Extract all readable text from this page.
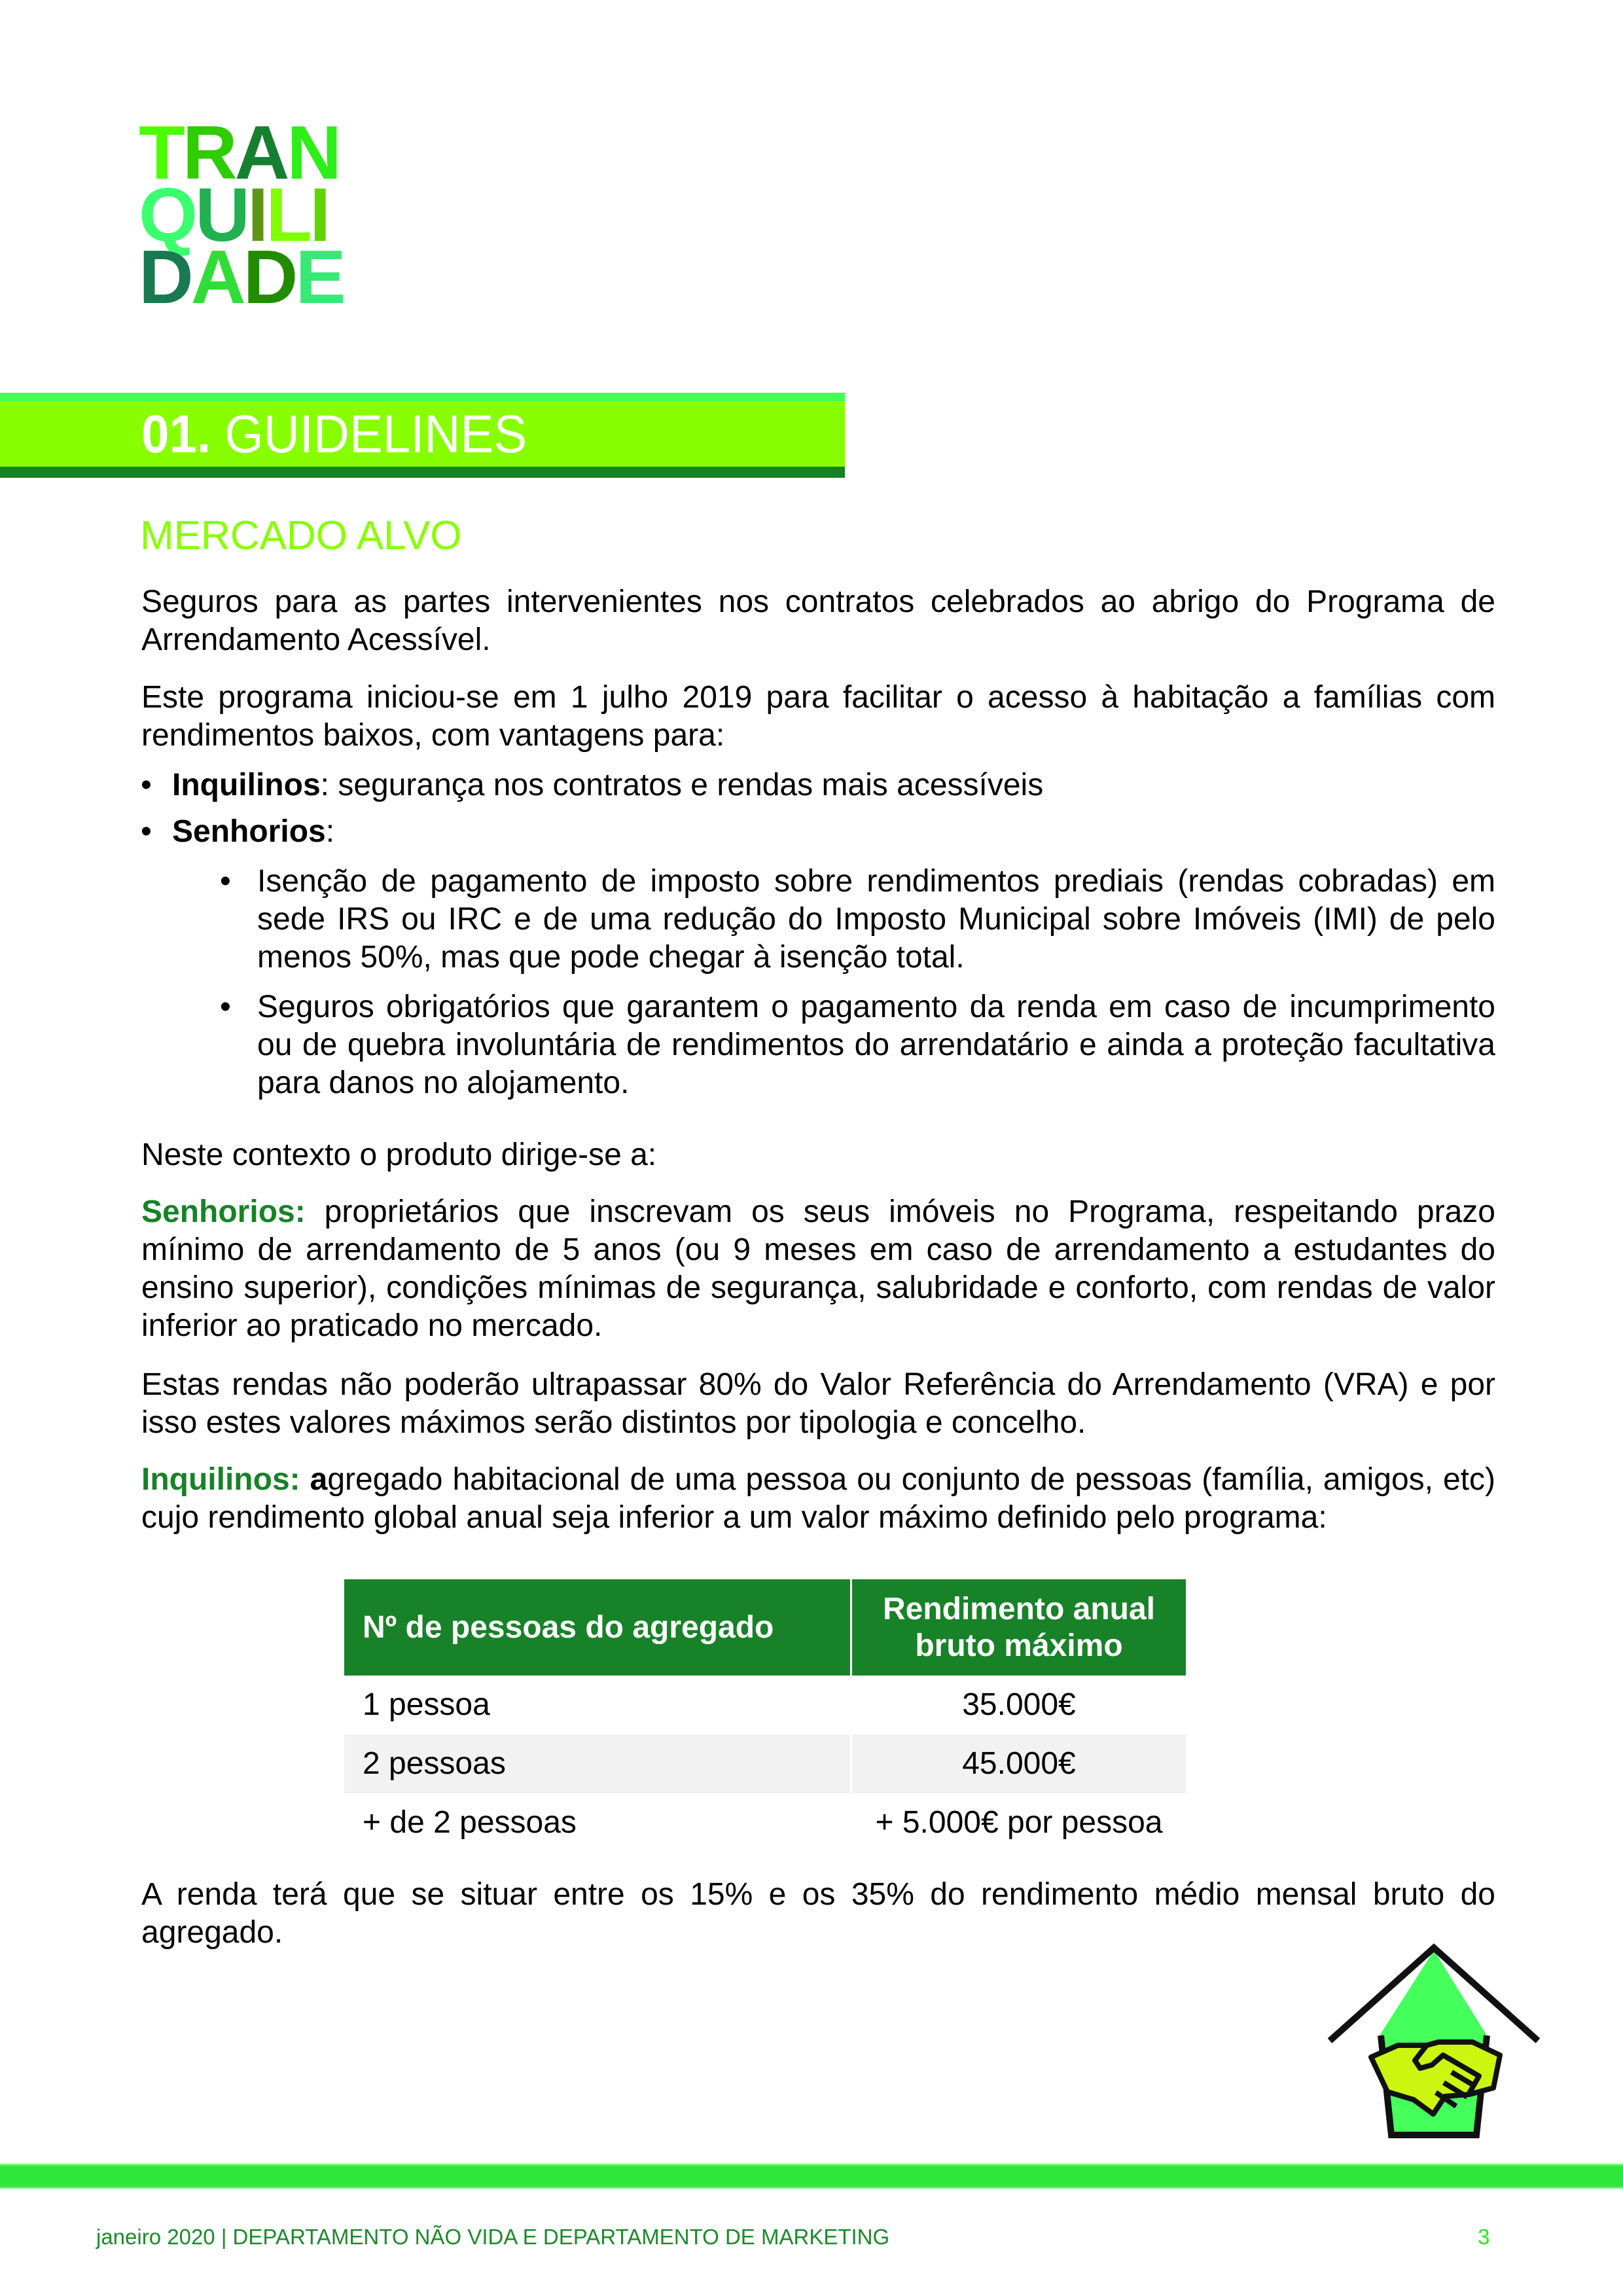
TRAN
QUILI
DADE
01. GUIDELINES
MERCADO ALVO

Seguros para as partes intervenientes nos contratos celebrados ao abrigo do Programa de Arrendamento Acessível.

Este programa iniciou-se em 1 julho 2019 para facilitar o acesso à habitação a famílias com rendimentos baixos, com vantagens para:

• Inquilinos: segurança nos contratos e rendas mais acessíveis

• Senhorios:

• Isenção de pagamento de imposto sobre rendimentos prediais (rendas cobradas) em sede IRS ou IRC e de uma redução do Imposto Municipal sobre Imóveis (IMI) de pelo menos 50%, mas que pode chegar à isenção total.

• Seguros obrigatórios que garantem o pagamento da renda em caso de incumprimento ou de quebra involuntária de rendimentos do arrendatário e ainda a proteção facultativa para danos no alojamento.

Neste contexto o produto dirige-se a:

Senhorios: proprietários que inscrevam os seus imóveis no Programa, respeitando prazo mínimo de arrendamento de 5 anos (ou 9 meses em caso de arrendamento a estudantes do ensino superior), condições mínimas de segurança, salubridade e conforto, com rendas de valor inferior ao praticado no mercado.

Estas rendas não poderão ultrapassar 80% do Valor Referência do Arrendamento (VRA) e por isso estes valores máximos serão distintos por tipologia e concelho.

Inquilinos: agregado habitacional de uma pessoa ou conjunto de pessoas (família, amigos, etc) cujo rendimento global anual seja inferior a um valor máximo definido pelo programa:

Nº de pessoas do agregado	Rendimento anual bruto máximo
1 pessoa	35.000€
2 pessoas	45.000€
+ de 2 pessoas	+ 5.000€ por pessoa

A renda terá que se situar entre os 15% e os 35% do rendimento médio mensal bruto do agregado.

janeiro 2020 | DEPARTAMENTO NÃO VIDA E DEPARTAMENTO DE MARKETING	3
